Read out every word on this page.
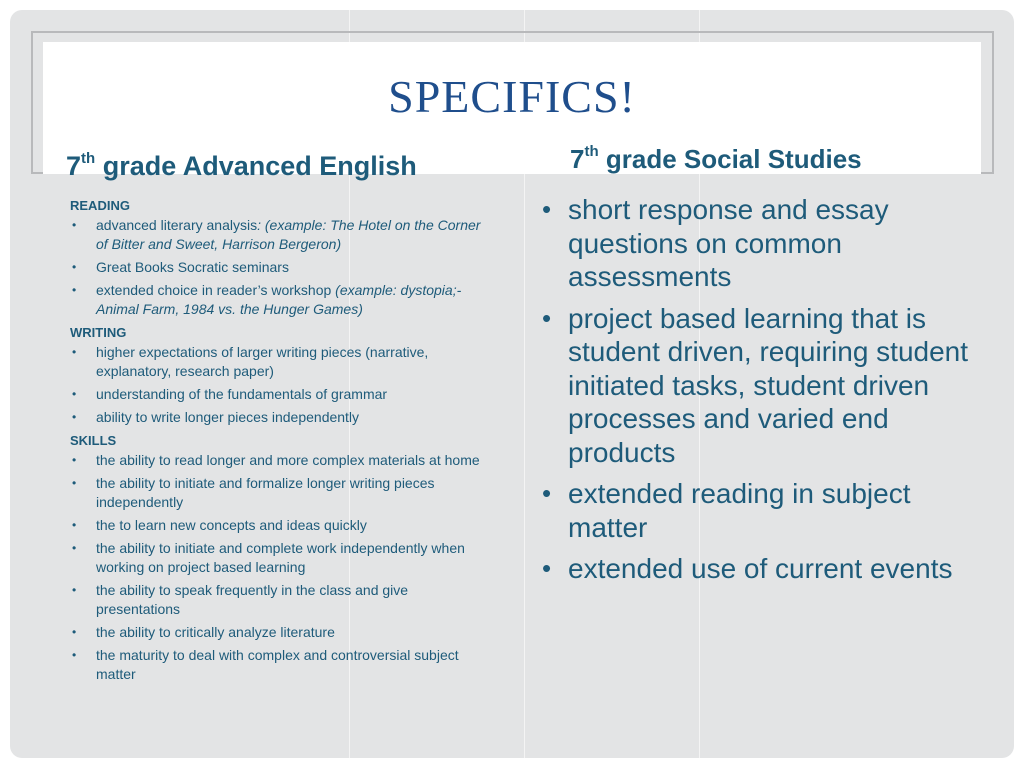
SPECIFICS!
7th grade Advanced English	7th grade Social Studies
READING
• advanced literary analysis: (example: The Hotel on the Corner of Bitter and Sweet, Harrison Bergeron)
• Great Books Socratic seminars
• extended choice in reader’s workshop (example: dystopia;-Animal Farm, 1984 vs. the Hunger Games)
WRITING
• higher expectations of larger writing pieces (narrative, explanatory, research paper)
• understanding of the fundamentals of grammar
• ability to write longer pieces independently
SKILLS
• the ability to read longer and more complex materials at home
• the ability to initiate and formalize longer writing pieces independently
• the to learn new concepts and ideas quickly
• the ability to initiate and complete work independently when working on project based learning
• the ability to speak frequently in the class and give presentations
• the ability to critically analyze literature
• the maturity to deal with complex and controversial subject matter
• short response and essay questions on common assessments
• project based learning that is student driven, requiring student initiated tasks, student driven processes and varied end products
• extended reading in subject matter
• extended use of current events
